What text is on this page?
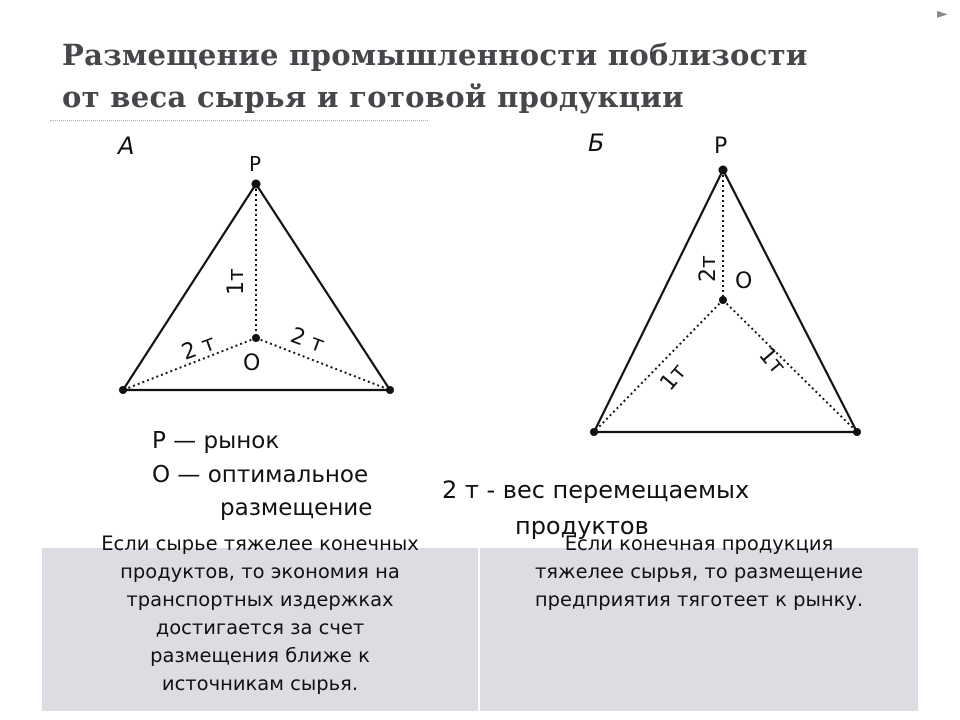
►
Размещение промышленности поблизости
от веса сырья и готовой продукции
А
Р
О
1т
2 т	2 т
Б	Р
О
2т
1т	1т
Р — рынок
О — оптимальное
размещение
2 т - вес перемещаемых
продуктов
Если сырье тяжелее конечных

продуктов, то экономия на

транспортных издержках

достигается за счет

размещения ближе к

источникам сырья.

Если конечная продукция

тяжелее сырья, то размещение

предприятия тяготеет к рынку.
